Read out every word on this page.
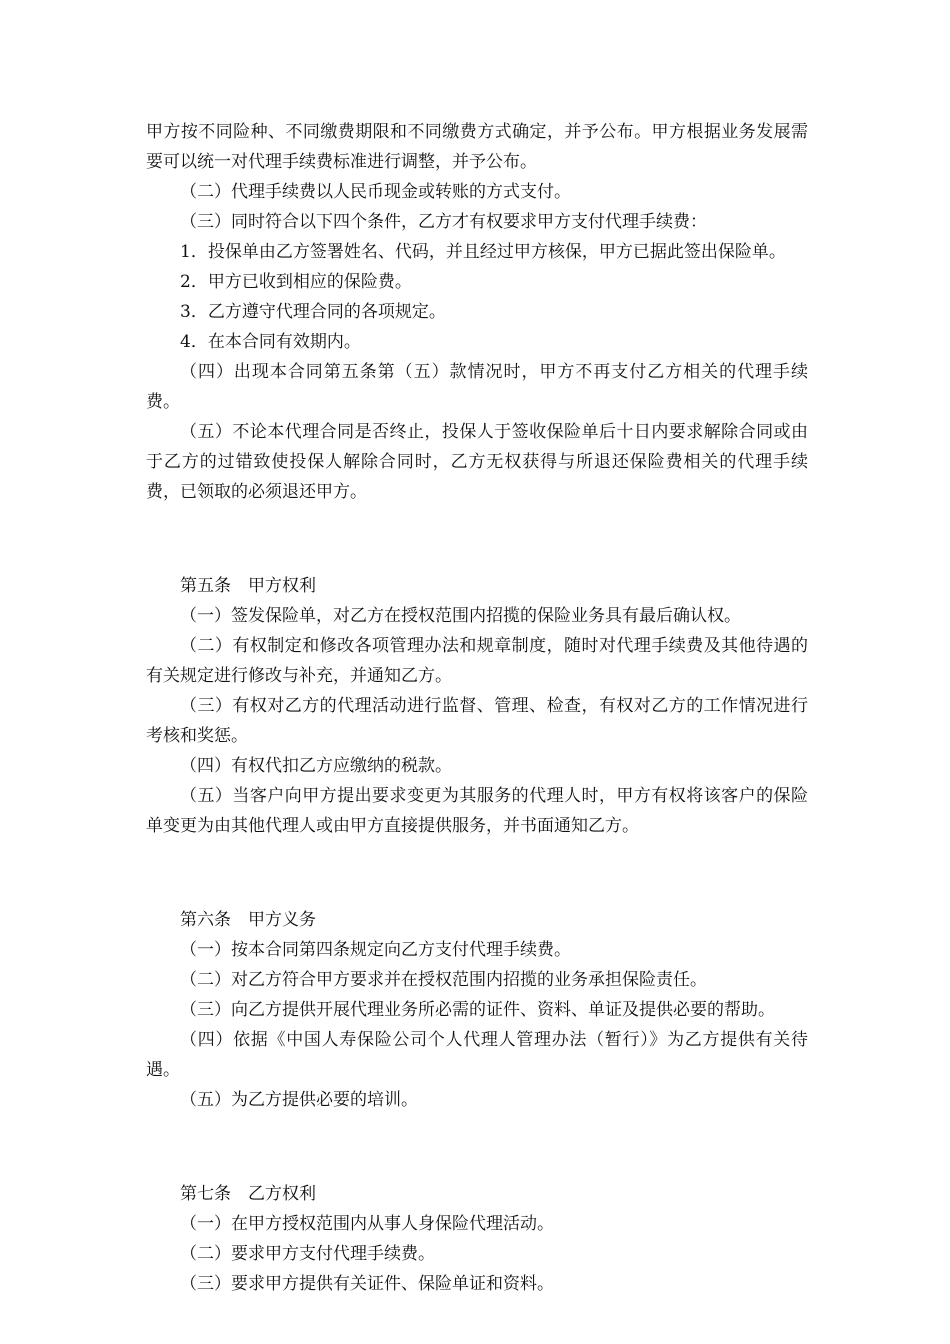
甲方按不同险种、不同缴费期限和不同缴费方式确定，并予公布。甲方根据业务发展需要可以统一对代理手续费标准进行调整，并予公布。

（二）代理手续费以人民币现金或转账的方式支付。

（三）同时符合以下四个条件，乙方才有权要求甲方支付代理手续费：

1．投保单由乙方签署姓名、代码，并且经过甲方核保，甲方已据此签出保险单。

2．甲方已收到相应的保险费。

3．乙方遵守代理合同的各项规定。

4．在本合同有效期内。

（四）出现本合同第五条第（五）款情况时，甲方不再支付乙方相关的代理手续费。

（五）不论本代理合同是否终止，投保人于签收保险单后十日内要求解除合同或由于乙方的过错致使投保人解除合同时，乙方无权获得与所退还保险费相关的代理手续费，已领取的必须退还甲方。

第五条　甲方权利

（一）签发保险单，对乙方在授权范围内招揽的保险业务具有最后确认权。

（二）有权制定和修改各项管理办法和规章制度，随时对代理手续费及其他待遇的有关规定进行修改与补充，并通知乙方。

（三）有权对乙方的代理活动进行监督、管理、检查，有权对乙方的工作情况进行考核和奖惩。

（四）有权代扣乙方应缴纳的税款。

（五）当客户向甲方提出要求变更为其服务的代理人时，甲方有权将该客户的保险单变更为由其他代理人或由甲方直接提供服务，并书面通知乙方。

第六条　甲方义务

（一）按本合同第四条规定向乙方支付代理手续费。

（二）对乙方符合甲方要求并在授权范围内招揽的业务承担保险责任。

（三）向乙方提供开展代理业务所必需的证件、资料、单证及提供必要的帮助。

（四）依据《中国人寿保险公司个人代理人管理办法（暂行）》为乙方提供有关待遇。

（五）为乙方提供必要的培训。

第七条　乙方权利

（一）在甲方授权范围内从事人身保险代理活动。

（二）要求甲方支付代理手续费。

（三）要求甲方提供有关证件、保险单证和资料。
